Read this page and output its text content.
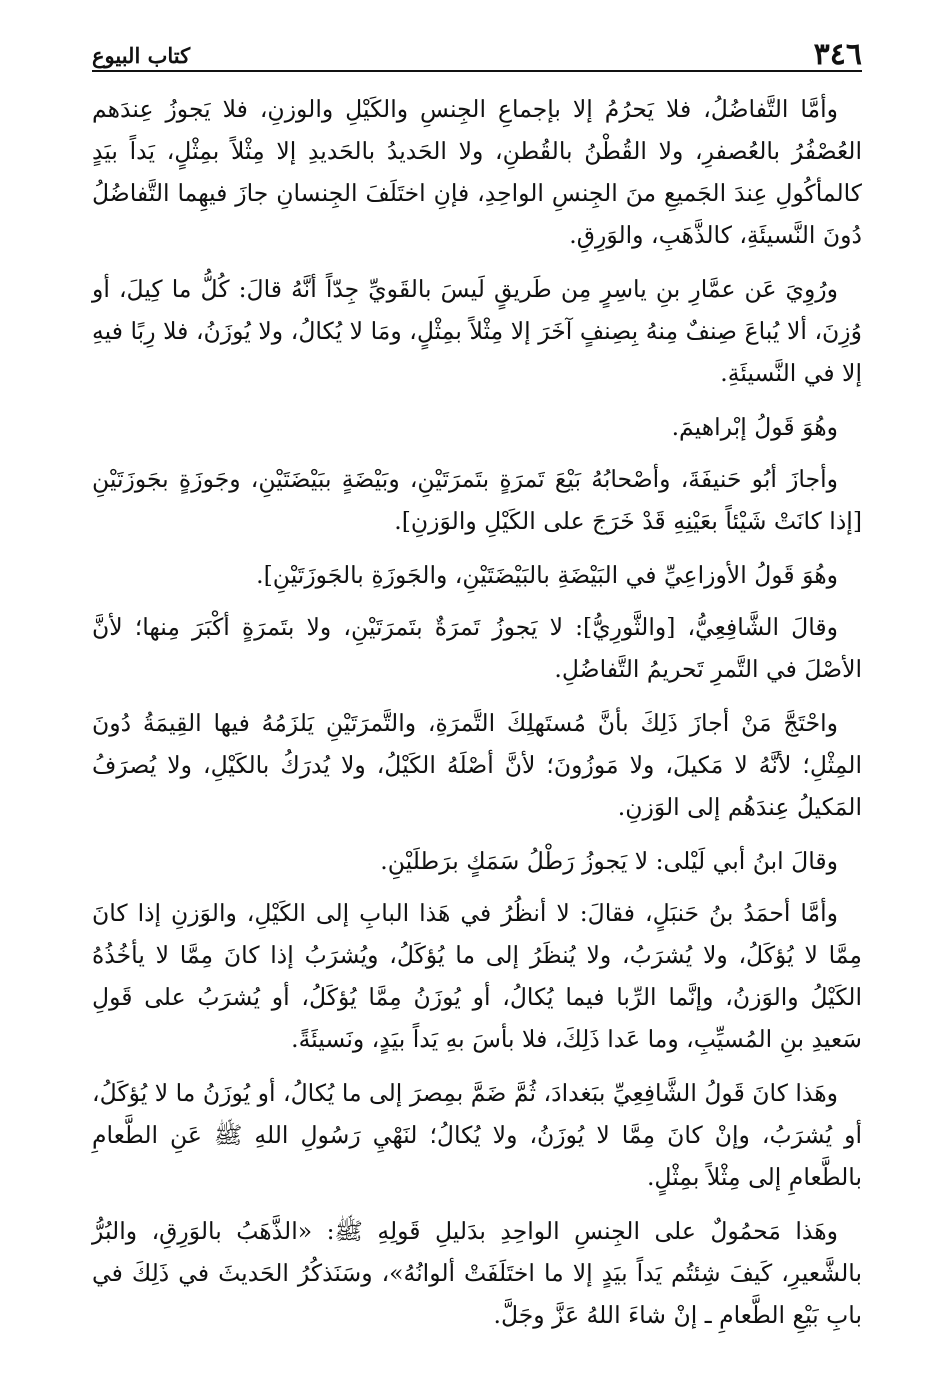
٣٤٦
كتاب البيوع

وأمَّا التَّفاضُلُ، فلا يَحرُمُ إلا بإجماعِ الجِنسِ والكَيْلِ والوزنِ، فلا يَجوزُ عِندَهم العُصْفُرُ بالعُصفرِ، ولا القُطْنُ بالقُطنِ، ولا الحَديدُ بالحَديدِ إلا مِثْلاً بمِثْلٍ، يَداً بيَدٍ كالمأكُولِ عِندَ الجَميعِ منَ الجِنسِ الواحِدِ، فإنِ اختَلَفَ الجِنسانِ جازَ فيهِما التَّفاضُلُ دُونَ النَّسيئَةِ، كالذَّهَبِ، والوَرِقِ.

ورُوِيَ عَن عمَّارِ بنِ ياسِرٍ مِن طَريقٍ لَيسَ بالقَويِّ جِدّاً أنَّهُ قالَ: كُلُّ ما كِيلَ، أو وُزِنَ، ألا يُباعَ صِنفٌ مِنهُ بِصِنفٍ آخَرَ إلا مِثْلاً بمِثْلٍ، ومَا لا يُكالُ، ولا يُوزَنُ، فلا رِبًا فيهِ إلا في النَّسيئَةِ.

وهُوَ قَولُ إبْراهيمَ.

وأجازَ أبُو حَنيفَةَ، وأصْحابُهُ بَيْعَ تَمرَةٍ بتَمرَتَيْنِ، وبَيْضَةٍ ببَيْضَتَيْنِ، وجَوزَةٍ بجَوزَتَيْنِ [إذا كانَتْ شَيْئاً بعَيْنِهِ قَدْ خَرَجَ على الكَيْلِ والوَزنِ].

وهُوَ قَولُ الأوزاعِيِّ في البَيْضَةِ بالبَيْضَتَيْنِ، والجَوزَةِ بالجَوزَتَيْنِ].

وقالَ الشَّافِعِيُّ، [والثَّورِيُّ]: لا يَجوزُ تَمرَةٌ بتَمرَتَيْنِ، ولا بتَمرَةٍ أكْبَرَ مِنها؛ لأنَّ الأصْلَ في التَّمرِ تَحريمُ التَّفاضُلِ.

واحْتَجَّ مَنْ أجازَ ذَلِكَ بأنَّ مُستَهلِكَ التَّمرَةِ، والتَّمرَتَيْنِ يَلزَمُهُ فيها القِيمَةُ دُونَ المِثْلِ؛ لأنَّهُ لا مَكيلَ، ولا مَوزُونَ؛ لأنَّ أصْلَهُ الكَيْلُ، ولا يُدرَكُ بالكَيْلِ، ولا يُصرَفُ المَكيلُ عِندَهُم إلى الوَزنِ.

وقالَ ابنُ أبي لَيْلى: لا يَجوزُ رَطْلُ سَمَكٍ برَطلَيْنِ.

وأمَّا أحمَدُ بنُ حَنبَلٍ، فقالَ: لا أنظُرُ في هَذا البابِ إلى الكَيْلِ، والوَزنِ إذا كانَ مِمَّا لا يُؤكَلُ، ولا يُشرَبُ، ولا يُنظَرُ إلى ما يُؤكَلُ، ويُشرَبُ إذا كانَ مِمَّا لا يأخُذُهُ الكَيْلُ والوَزنُ، وإنَّما الرِّبا فيما يُكالُ، أو يُوزَنُ مِمَّا يُؤكَلُ، أو يُشرَبُ على قَولِ سَعيدِ بنِ المُسيِّبِ، وما عَدا ذَلِكَ، فلا بأسَ بهِ يَداً بيَدٍ، ونَسيئَةً.

وهَذا كانَ قَولُ الشَّافِعِيِّ ببَغدادَ، ثُمَّ ضَمَّ بمِصرَ إلى ما يُكالُ، أو يُوزَنُ ما لا يُؤكَلُ، أو يُشرَبُ، وإنْ كانَ مِمَّا لا يُوزَنُ، ولا يُكالُ؛ لنَهْيِ رَسُولِ اللهِ ﷺ عَنِ الطَّعامِ بالطَّعامِ إلى مِثْلاً بمِثْلٍ.

وهَذا مَحمُولٌ على الجِنسِ الواحِدِ بدَليلِ قَولِهِ ﷺ: «الذَّهَبُ بالوَرِقِ، والبُرُّ بالشَّعيرِ، كَيفَ شِئتُم يَداً بيَدٍ إلا ما اختَلَفَتْ ألوانُهُ»، وسَنَذكُرُ الحَديثَ في ذَلِكَ في بابِ بَيْعِ الطَّعامِ ـ إنْ شاءَ اللهُ عَزَّ وجَلَّ.
